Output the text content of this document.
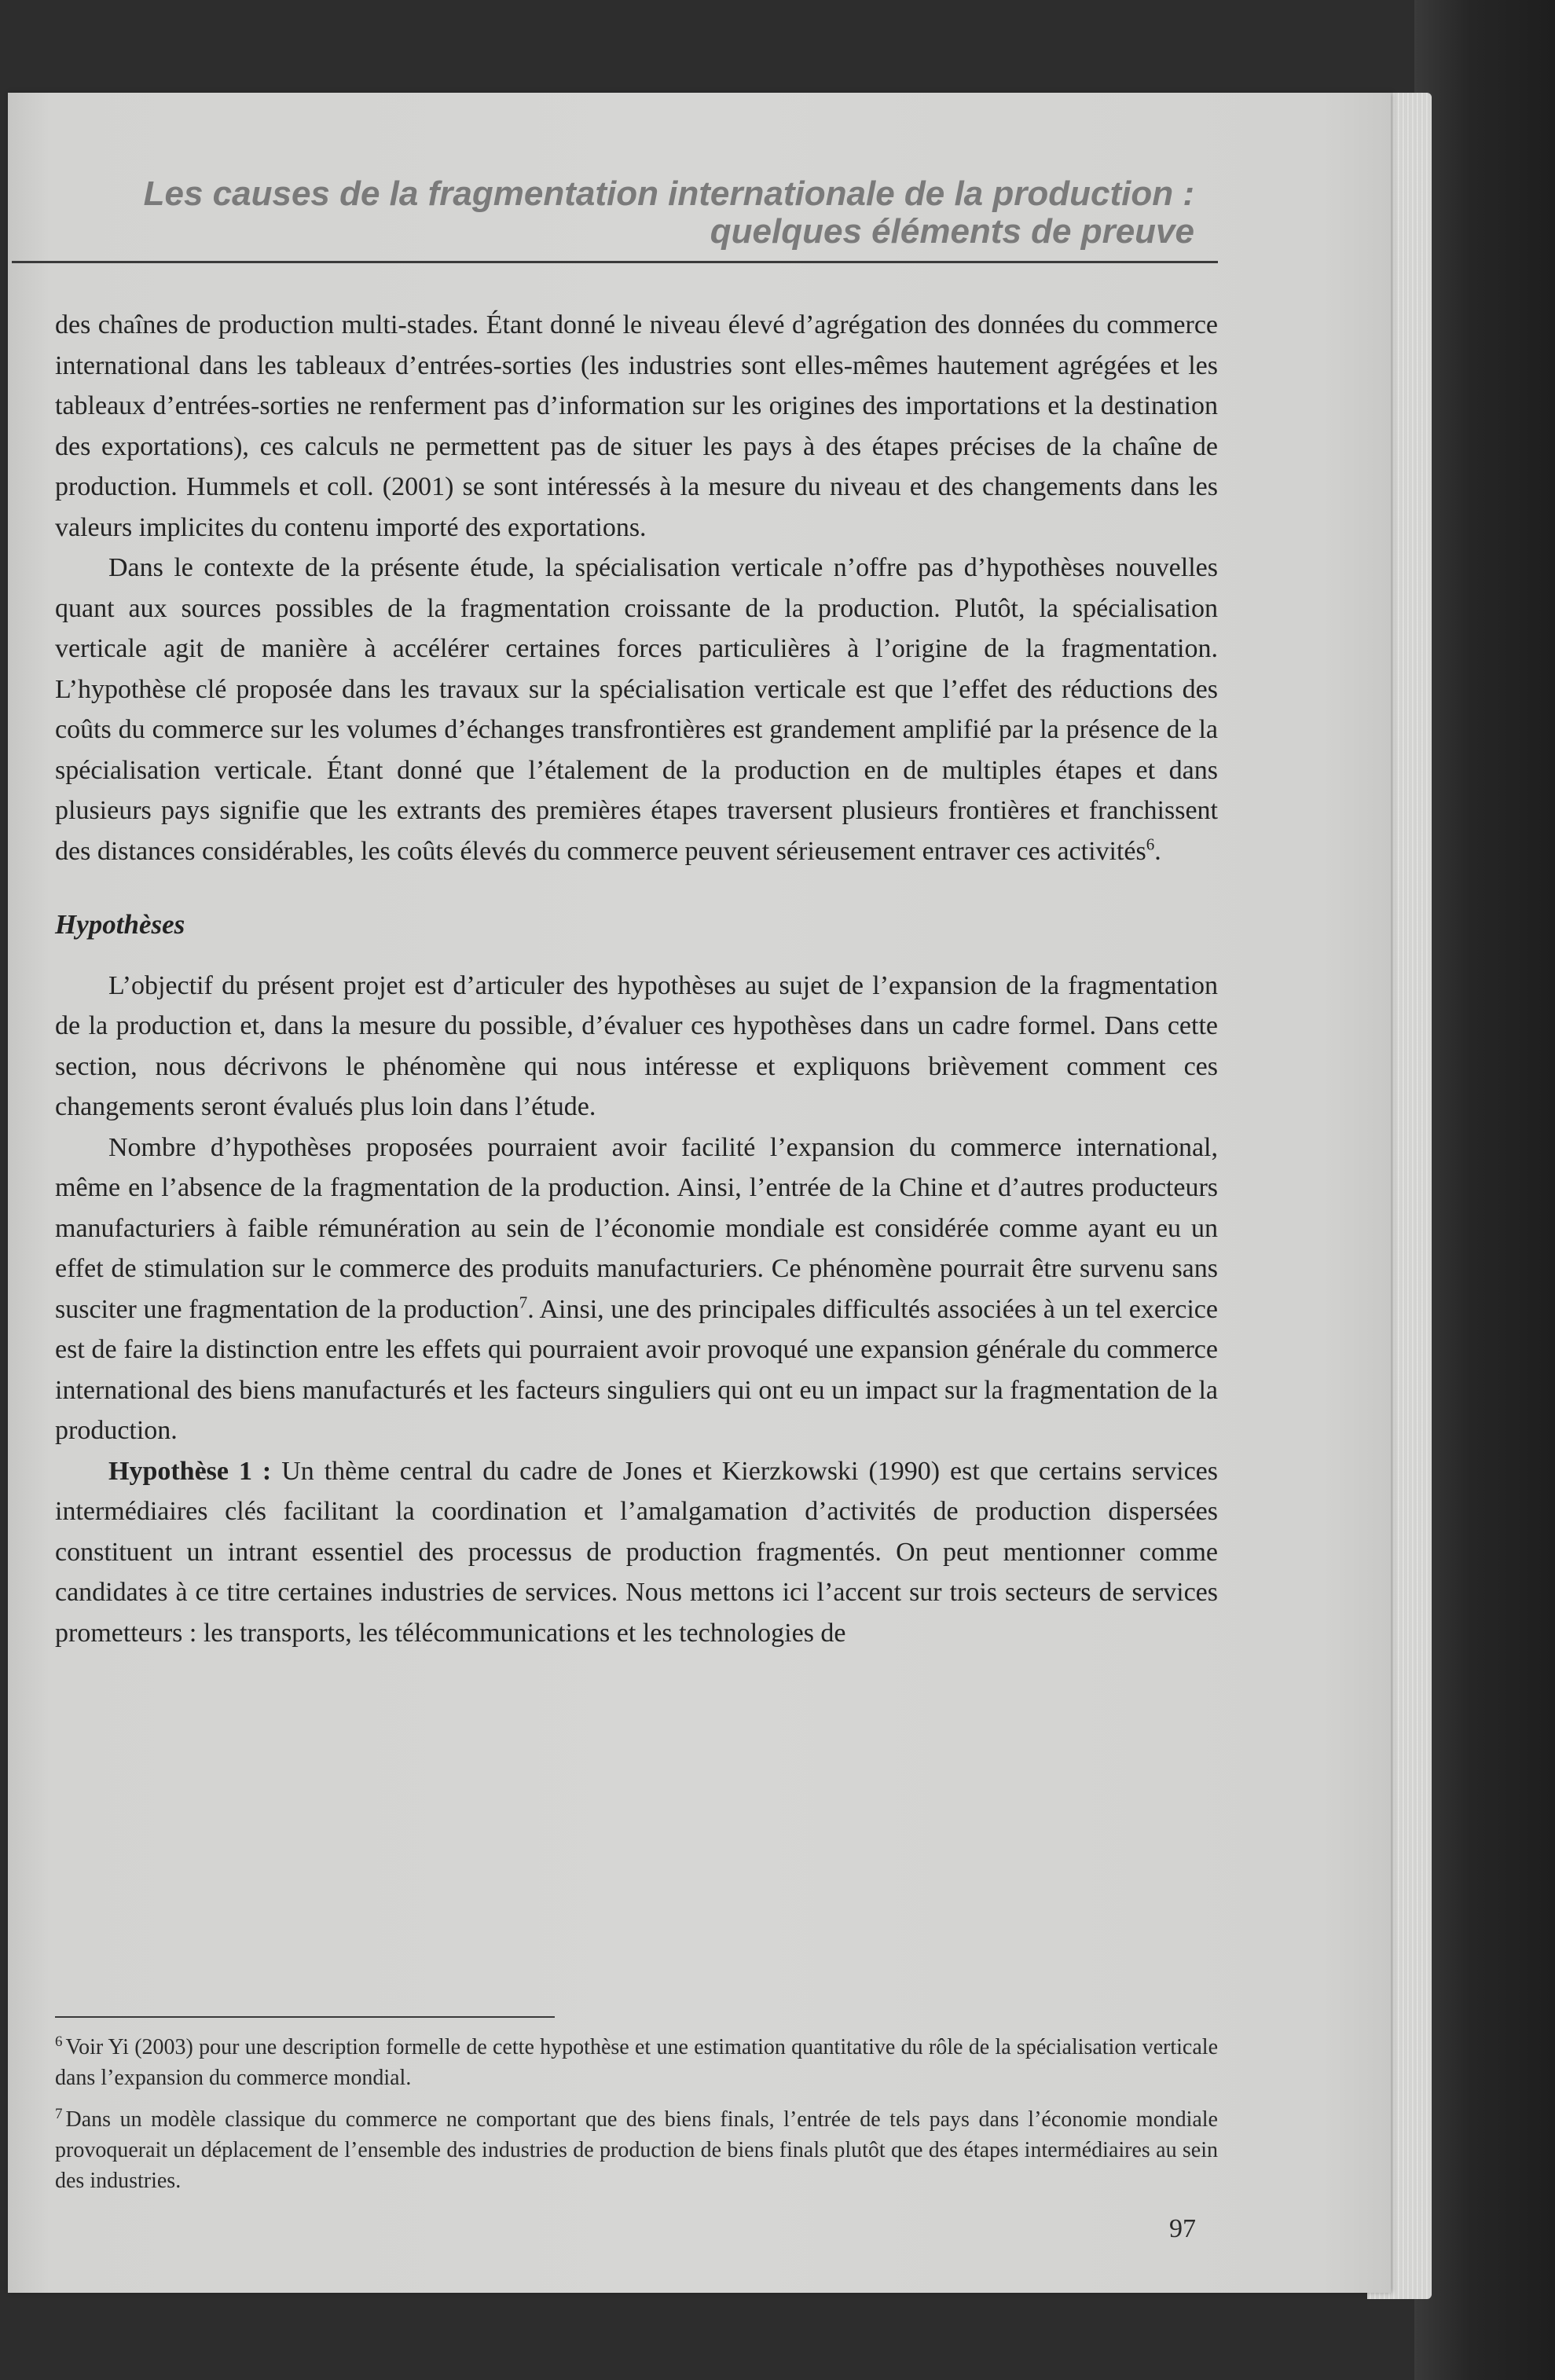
Les causes de la fragmentation internationale de la production :
quelques éléments de preuve

des chaînes de production multi-stades. Étant donné le niveau élevé d’agrégation des données du commerce international dans les tableaux d’entrées-sorties (les industries sont elles-mêmes hautement agrégées et les tableaux d’entrées-sorties ne renferment pas d’information sur les origines des importations et la destination des exportations), ces calculs ne permettent pas de situer les pays à des étapes précises de la chaîne de production. Hummels et coll. (2001) se sont intéressés à la mesure du niveau et des changements dans les valeurs implicites du contenu importé des exportations.

Dans le contexte de la présente étude, la spécialisation verticale n’offre pas d’hypothèses nouvelles quant aux sources possibles de la fragmentation croissante de la production. Plutôt, la spécialisation verticale agit de manière à accélérer certaines forces particulières à l’origine de la fragmentation. L’hypothèse clé proposée dans les travaux sur la spécialisation verticale est que l’effet des réductions des coûts du commerce sur les volumes d’échanges transfrontières est grandement amplifié par la présence de la spécialisation verticale. Étant donné que l’étalement de la production en de multiples étapes et dans plusieurs pays signifie que les extrants des premières étapes traversent plusieurs frontières et franchissent des distances considérables, les coûts élevés du commerce peuvent sérieusement entraver ces activités$^6$.

Hypothèses

L’objectif du présent projet est d’articuler des hypothèses au sujet de l’expansion de la fragmentation de la production et, dans la mesure du possible, d’évaluer ces hypothèses dans un cadre formel. Dans cette section, nous décrivons le phénomène qui nous intéresse et expliquons brièvement comment ces changements seront évalués plus loin dans l’étude.

Nombre d’hypothèses proposées pourraient avoir facilité l’expansion du commerce international, même en l’absence de la fragmentation de la production. Ainsi, l’entrée de la Chine et d’autres producteurs manufacturiers à faible rémunération au sein de l’économie mondiale est considérée comme ayant eu un effet de stimulation sur le commerce des produits manufacturiers. Ce phénomène pourrait être survenu sans susciter une fragmentation de la production$^7$. Ainsi, une des principales difficultés associées à un tel exercice est de faire la distinction entre les effets qui pourraient avoir provoqué une expansion générale du commerce international des biens manufacturés et les facteurs singuliers qui ont eu un impact sur la fragmentation de la production.

Hypothèse 1 : Un thème central du cadre de Jones et Kierzkowski (1990) est que certains services intermédiaires clés facilitant la coordination et l’amalgamation d’activités de production dispersées constituent un intrant essentiel des processus de production fragmentés. On peut mentionner comme candidates à ce titre certaines industries de services. Nous mettons ici l’accent sur trois secteurs de services prometteurs : les transports, les télécommunications et les technologies de

$^6$ Voir Yi (2003) pour une description formelle de cette hypothèse et une estimation quantitative du rôle de la spécialisation verticale dans l’expansion du commerce mondial.

$^7$ Dans un modèle classique du commerce ne comportant que des biens finals, l’entrée de tels pays dans l’économie mondiale provoquerait un déplacement de l’ensemble des industries de production de biens finals plutôt que des étapes intermédiaires au sein des industries.

97
